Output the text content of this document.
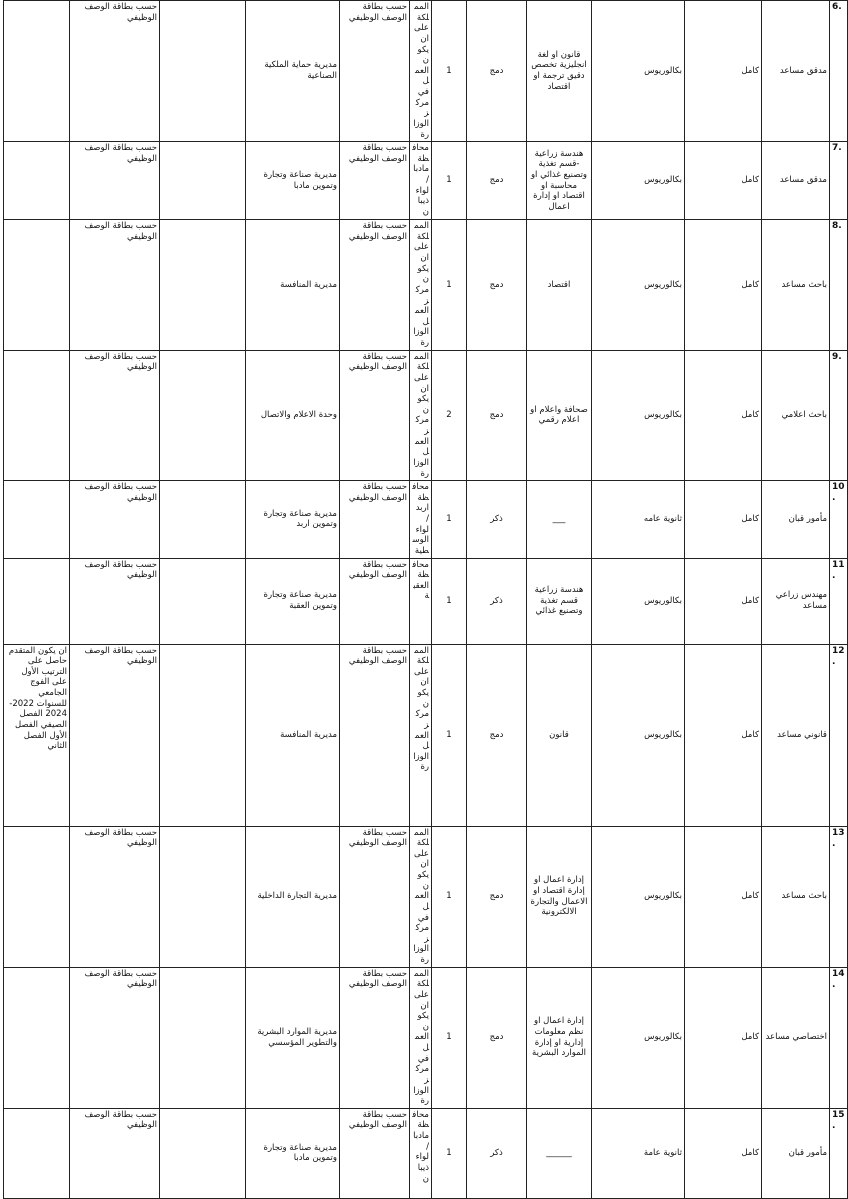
	حسب بطاقة الوصف الوظيفي		مديرية حماية الملكية الصناعية	حسب بطاقة الوصف الوظيفي	المملكة على ان يكون العمل في مركز الوزارة	1	دمج	قانون او لغة انجليزية تخصص دقيق ترجمة او اقتصاد	بكالوريوس	كامل	مدقق مساعد	6.
	حسب بطاقة الوصف الوظيفي		مديرية صناعة وتجارة وتموين مادبا	حسب بطاقة الوصف الوظيفي	محافظة مادبا / لواء ذيبان	1	دمج	هندسة زراعية -قسم تغذية وتصنيع غذائي او محاسبة او اقتصاد او إدارة اعمال	بكالوريوس	كامل	مدقق مساعد	7.
	حسب بطاقة الوصف الوظيفي		مديرية المنافسة	حسب بطاقة الوصف الوظيفي	المملكة على ان يكون مركز العمل الوزارة	1	دمج	اقتصاد	بكالوريوس	كامل	باحث مساعد	8.
	حسب بطاقة الوصف الوظيفي		وحدة الاعلام والاتصال	حسب بطاقة الوصف الوظيفي	المملكة على ان يكون مركز العمل الوزارة	2	دمج	صحافة واعلام او اعلام رقمي	بكالوريوس	كامل	باحث اعلامي	9.
	حسب بطاقة الوصف الوظيفي		مديرية صناعة وتجارة وتموين اربد	حسب بطاقة الوصف الوظيفي	محافظة اربد / لواء الوسطية	1	ذكر	___	ثانوية عامه	كامل	مأمور قبان	10.
	حسب بطاقة الوصف الوظيفي		مديرية صناعة وتجارة وتموين العقبة	حسب بطاقة الوصف الوظيفي	محافظة العقبة	1	ذكر	هندسة زراعية قسم تغذية وتصنيع غذائي	بكالوريوس	كامل	مهندس زراعي مساعد	11.
ان يكون المتقدم حاصل على الترتيب الأول على الفوج الجامعي للسنوات 2022-2024 الفصل الصيفي الفصل الأول الفصل الثاني	حسب بطاقة الوصف الوظيفي		مديرية المنافسة	حسب بطاقة الوصف الوظيفي	المملكة على ان يكون مركز العمل الوزارة	1	دمج	قانون	بكالوريوس	كامل	قانوني مساعد	12.
	حسب بطاقة الوصف الوظيفي		مديرية التجارة الداخلية	حسب بطاقة الوصف الوظيفي	المملكة على ان يكون العمل في مركز الوزارة	1	دمج	إدارة اعمال او إدارة اقتصاد او الاعمال والتجارة الالكترونية	بكالوريوس	كامل	باحث مساعد	13.
	حسب بطاقة الوصف الوظيفي		مديرية الموارد البشرية والتطوير المؤسسي	حسب بطاقة الوصف الوظيفي	المملكة على ان يكون العمل في مركز الوزارة	1	دمج	إدارة اعمال او نظم معلومات إدارية او إدارة الموارد البشرية	بكالوريوس	كامل	اختصاصي مساعد	14.
	حسب بطاقة الوصف الوظيفي		مديرية صناعة وتجارة وتموين مادبا	حسب بطاقة الوصف الوظيفي	محافظة مادبا / لواء ذيبان	1	ذكر	______	ثانوية عامة	كامل	مأمور قبان	15.
